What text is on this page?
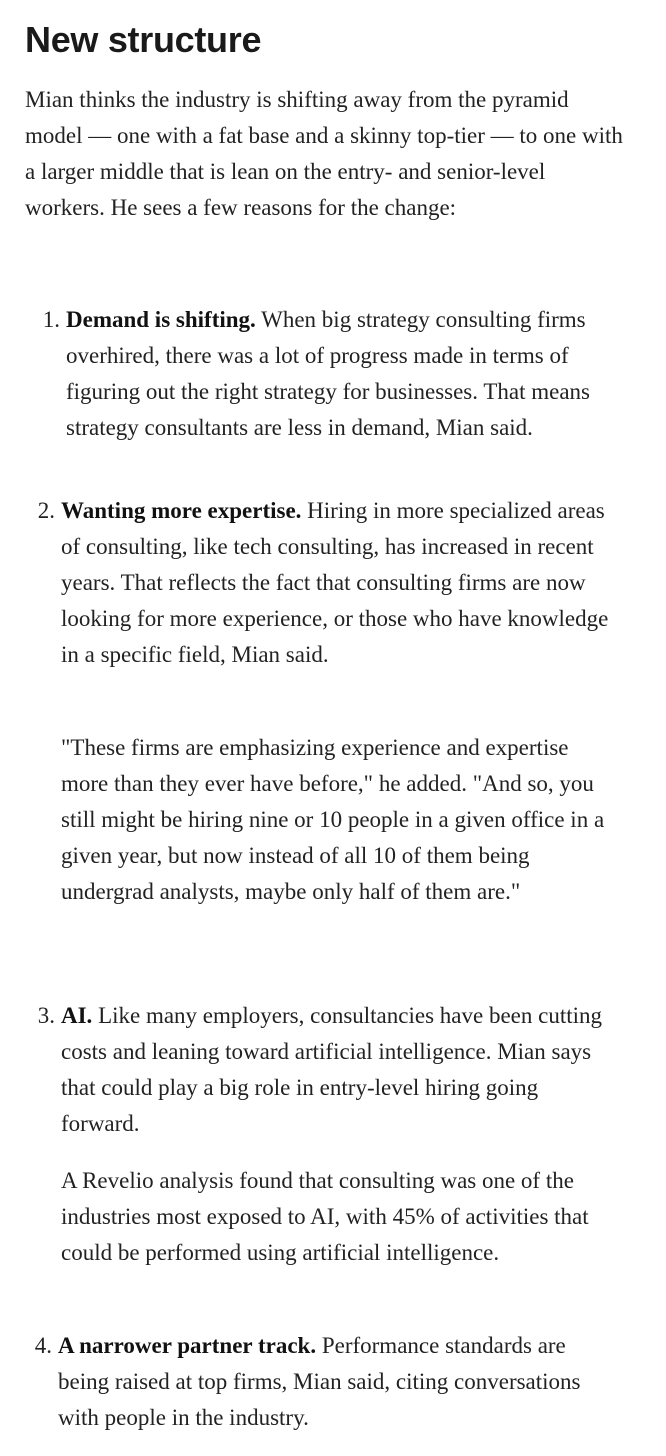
New structure

Mian thinks the industry is shifting away from the pyramid model — one with a fat base and a skinny top-tier — to one with a larger middle that is lean on the entry- and senior-level workers. He sees a few reasons for the change:

1. Demand is shifting. When big strategy consulting firms overhired, there was a lot of progress made in terms of figuring out the right strategy for businesses. That means strategy consultants are less in demand, Mian said.

2. Wanting more expertise. Hiring in more specialized areas of consulting, like tech consulting, has increased in recent years. That reflects the fact that consulting firms are now looking for more experience, or those who have knowledge in a specific field, Mian said.

"These firms are emphasizing experience and expertise more than they ever have before," he added. "And so, you still might be hiring nine or 10 people in a given office in a given year, but now instead of all 10 of them being undergrad analysts, maybe only half of them are."

3. AI. Like many employers, consultancies have been cutting costs and leaning toward artificial intelligence. Mian says that could play a big role in entry-level hiring going forward.

A Revelio analysis found that consulting was one of the industries most exposed to AI, with 45% of activities that could be performed using artificial intelligence.

4. A narrower partner track. Performance standards are being raised at top firms, Mian said, citing conversations with people in the industry.
